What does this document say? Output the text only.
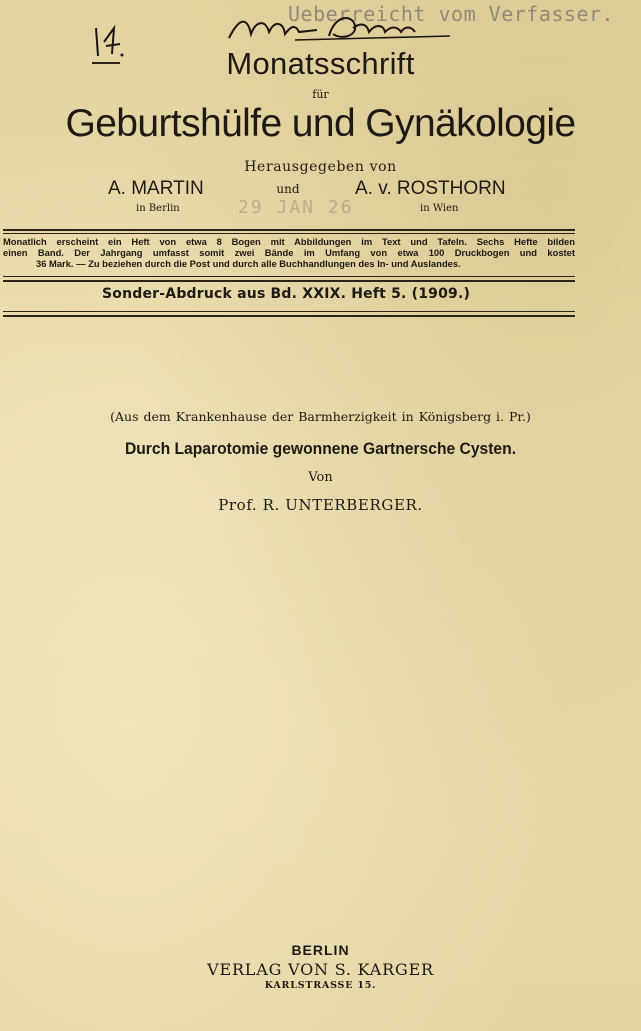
Ueberreicht vom Verfasser.
Monatsschrift
für
Geburtshülfe und Gynäkologie
Herausgegeben von
A. MARTIN
in Berlin
und	A. v. ROSTHORN
in Wien
29 JAN 26
Monatlich erscheint ein Heft von etwa 8 Bogen mit Abbildungen im Text und Tafeln. Sechs Hefte bilden
einen Band. Der Jahrgang umfasst somit zwei Bände im Umfang von etwa 100 Druckbogen und kostet
36 Mark. — Zu beziehen durch die Post und durch alle Buchhandlungen des In- und Auslandes.
Sonder-Abdruck aus Bd. XXIX. Heft 5. (1909.)
(Aus dem Krankenhause der Barmherzigkeit in Königsberg i. Pr.)
Durch Laparotomie gewonnene Gartnersche Cysten.
Von
Prof. R. UNTERBERGER.
BERLIN
VERLAG VON S. KARGER
KARLSTRASSE 15.
